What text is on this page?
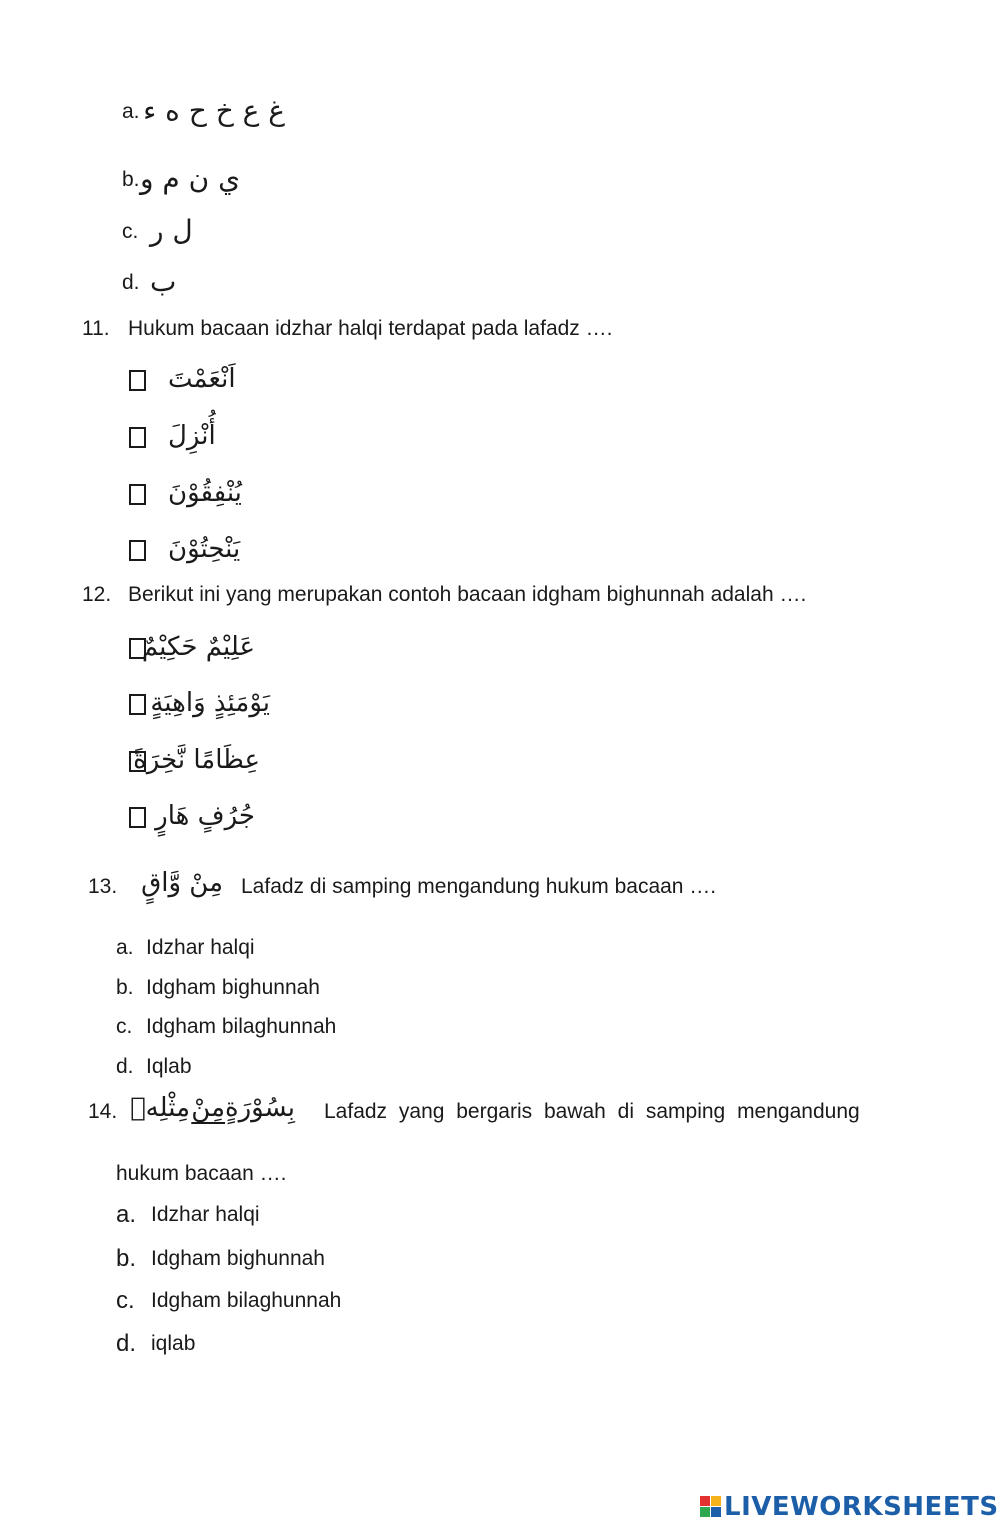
a. غ ع خ ح ه ء
b. ي ن م و
c. ل ر
d. ب
11. Hukum bacaan idzhar halqi terdapat pada lafadz ….
اَنْعَمْتَ
أُنْزِلَ
يُنْفِقُوْنَ
يَنْحِتُوْنَ
12. Berikut ini yang merupakan contoh bacaan idgham bighunnah adalah ….
عَلِيْمٌ حَكِيْمٌ
يَوْمَئِذٍ وَاهِيَةٍ
عِظَامًا نَّخِرَةً
جُرُفٍ هَارٍ
13. مِنْ وَّاقٍ Lafadz di samping mengandung hukum bacaan ….
a. Idzhar halqi
b. Idgham bighunnah
c. Idgham bilaghunnah
d. Iqlab
14. مِثْلِهٖ مِنْ بِسُوْرَةٍ Lafadz yang bergaris bawah di samping mengandung
hukum bacaan ….
a. Idzhar halqi
b. Idgham bighunnah
c. Idgham bilaghunnah
d. iqlab
LIVEWORKSHEETS
